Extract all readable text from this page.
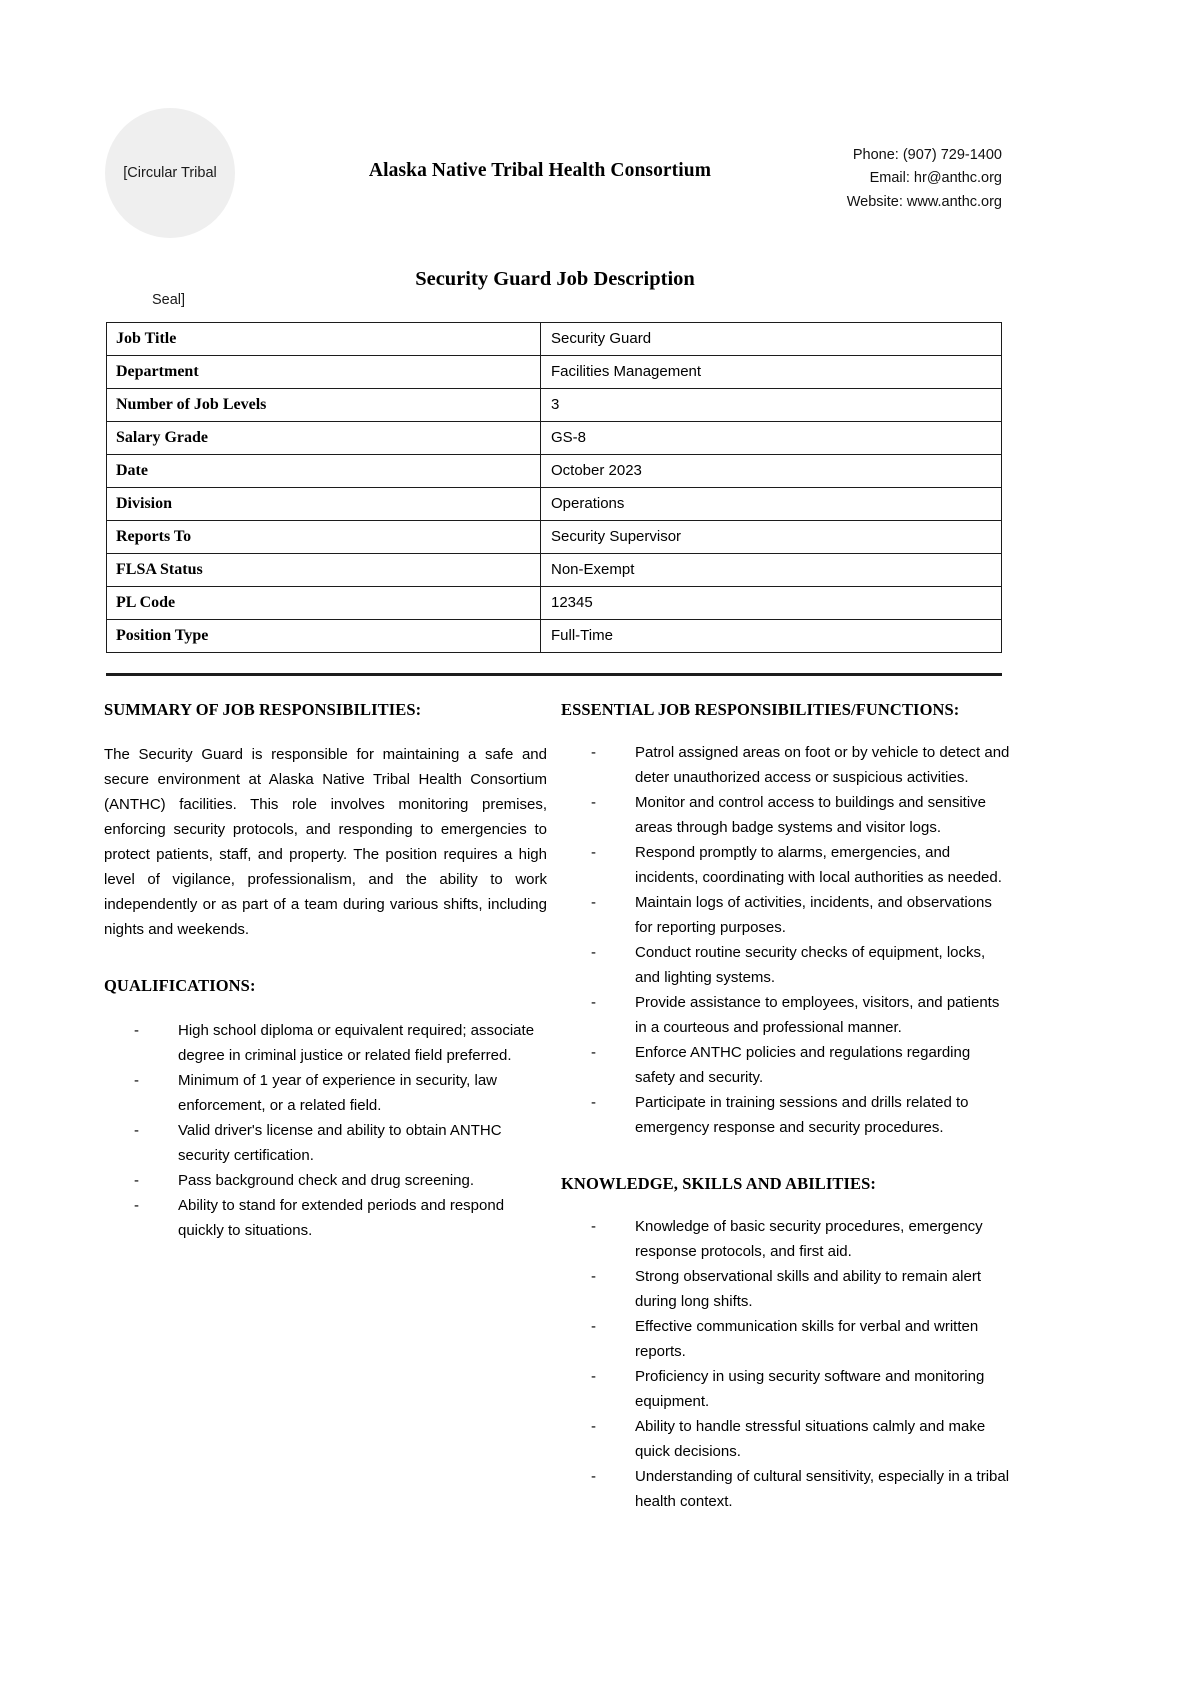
[Circular Tribal
Seal]
Alaska Native Tribal Health Consortium
Phone: (907) 729-1400
Email: hr@anthc.org
Website: www.anthc.org
Security Guard Job Description
Job Title	Security Guard
Department	Facilities Management
Number of Job Levels	3
Salary Grade	GS-8
Date	October 2023
Division	Operations
Reports To	Security Supervisor
FLSA Status	Non-Exempt
PL Code	12345
Position Type	Full-Time
SUMMARY OF JOB RESPONSIBILITIES:

The Security Guard is responsible for maintaining a safe and secure environment at Alaska Native Tribal Health Consortium (ANTHC) facilities. This role involves monitoring premises, enforcing security protocols, and responding to emergencies to protect patients, staff, and property. The position requires a high level of vigilance, professionalism, and the ability to work independently or as part of a team during various shifts, including nights and weekends.

QUALIFICATIONS:
-	High school diploma or equivalent required; associate degree in criminal justice or related field preferred.
-	Minimum of 1 year of experience in security, law enforcement, or a related field.
-	Valid driver's license and ability to obtain ANTHC security certification.
-	Pass background check and drug screening.
-	Ability to stand for extended periods and respond quickly to situations.
ESSENTIAL JOB RESPONSIBILITIES/FUNCTIONS:
-	Patrol assigned areas on foot or by vehicle to detect and deter unauthorized access or suspicious activities.
-	Monitor and control access to buildings and sensitive areas through badge systems and visitor logs.
-	Respond promptly to alarms, emergencies, and incidents, coordinating with local authorities as needed.
-	Maintain logs of activities, incidents, and observations for reporting purposes.
-	Conduct routine security checks of equipment, locks, and lighting systems.
-	Provide assistance to employees, visitors, and patients in a courteous and professional manner.
-	Enforce ANTHC policies and regulations regarding safety and security.
-	Participate in training sessions and drills related to emergency response and security procedures.
KNOWLEDGE, SKILLS AND ABILITIES:
-	Knowledge of basic security procedures, emergency response protocols, and first aid.
-	Strong observational skills and ability to remain alert during long shifts.
-	Effective communication skills for verbal and written reports.
-	Proficiency in using security software and monitoring equipment.
-	Ability to handle stressful situations calmly and make quick decisions.
-	Understanding of cultural sensitivity, especially in a tribal health context.
